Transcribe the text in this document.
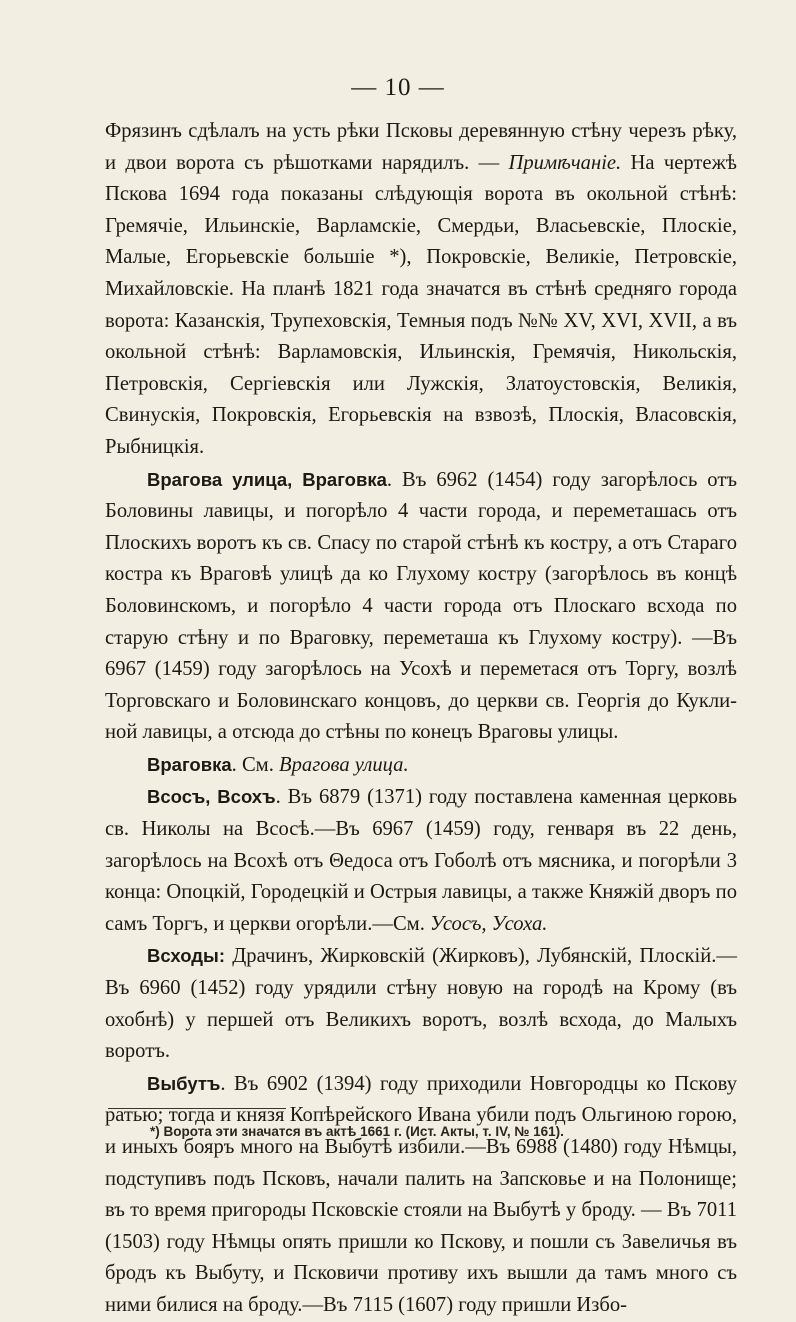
— 10 —

Фрязинъ сдѣлалъ на усть рѣки Псковы деревянную стѣну черезъ рѣку, и двои ворота съ рѣшотками нарядилъ. — Примѣчаніе. На чертежѣ Пскова 1694 года показаны слѣдующія ворота въ окольной стѣнѣ: Гремячіе, Ильинскіе, Варламскіе, Смердьи, Власьевскіе, Плоскіе, Малые, Егорьевскіе большіе *), Покровскіе, Великіе, Петровскіе, Михайловскіе. На планѣ 1821 года значатся въ стѣнѣ средняго города ворота: Казанскія, Трупеховскія, Темныя подъ №№ XV, XVI, XVII, а въ окольной стѣнѣ: Варламовскія, Ильинскія, Гремячія, Никольскія, Петровскія, Сергіевскія или Лужскія, Златоустовскія, Великія, Свинускія, Покровскія, Егорьевскія на взвозѣ, Плоскія, Власовскія, Рыбницкія.

Врагова улица, Враговка. Въ 6962 (1454) году загорѣлось отъ Боловины лавицы, и погорѣло 4 части города, и переметашась отъ Плоскихъ воротъ къ св. Спасу по старой стѣнѣ къ кострy, а отъ Стараго костра къ Враговѣ улицѣ да ко Глухому кострy (загорѣлось въ концѣ Боловинскомъ, и погорѣло 4 части города отъ Плоскаго всхода по старую стѣну и по Враговку, переметаша къ Глухому кострy). —Въ 6967 (1459) году загорѣлось на Усохѣ и переметася отъ Торгу, возлѣ Торговскаго и Боловинскаго концовъ, до церкви св. Георгія до Куклиной лавицы, а отсюда до стѣны по конецъ Враговы улицы.

Враговка. См. Врагова улица.

Всосъ, Всохъ. Въ 6879 (1371) году поставлена каменная церковь св. Николы на Всосѣ.—Въ 6967 (1459) году, генваря въ 22 день, загорѣлось на Всохѣ отъ Θедоса отъ Гоболѣ отъ мясника, и погорѣли 3 конца: Опоцкій, Городецкій и Острыя лавицы, а также Княжій дворъ по самъ Торгъ, и церкви огорѣли.—См. Усосъ, Усоха.

Всходы: Драчинъ, Жирковскій (Жирковъ), Лубянскій, Плоскій.— Въ 6960 (1452) году урядили стѣну новую на городѣ на Крому (въ охобнѣ) у першей отъ Великихъ воротъ, возлѣ всхода, до Малыхъ воротъ.

Выбутъ. Въ 6902 (1394) году приходили Новгородцы ко Пскову ратью; тогда и князя Копѣрейского Ивана убили подъ Ольгиною горою, и иныхъ бояръ много на Выбутѣ избили.—Въ 6988 (1480) году Нѣмцы, подступивъ подъ Псковъ, начали палить на Запсковье и на Полонище; въ то время пригороды Псковскіе стояли на Выбутѣ у броду. — Въ 7011 (1503) году Нѣмцы опять пришли ко Пскову, и пошли съ Завеличья въ бродъ къ Выбуту, и Псковичи противу ихъ вышли да тамъ много съ ними билися на броду.—Въ 7115 (1607) году пришли Избо-

*) Ворота эти значатся въ актѣ 1661 г. (Ист. Акты, т. IV, № 161).
